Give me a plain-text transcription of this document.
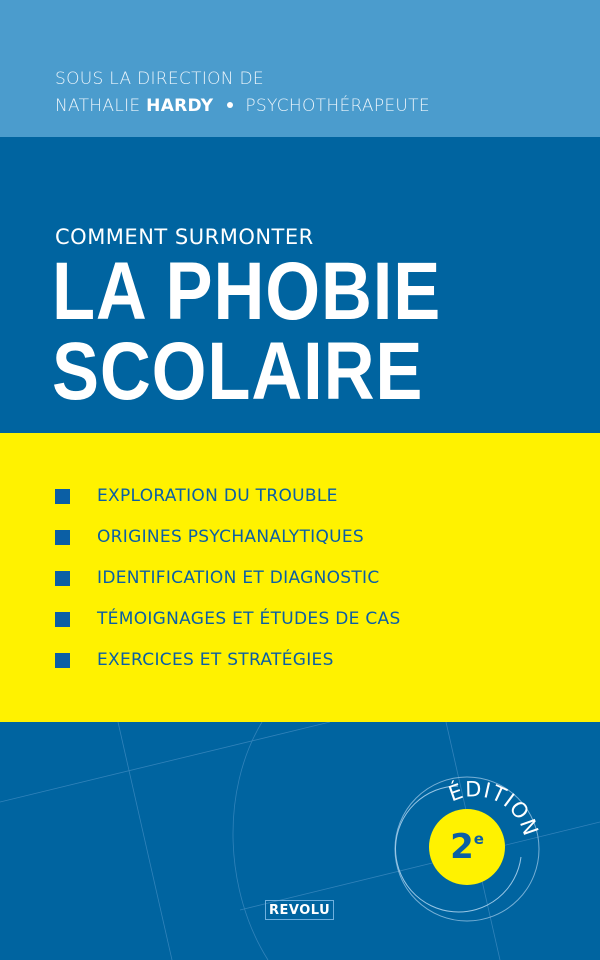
SOUS LA DIRECTION DE
NATHALIE HARDY PSYCHOTHÉRAPEUTE
COMMENT SURMONTER
LA PHOBIE
SCOLAIRE
EXPLORATION DU TROUBLE
ORIGINES PSYCHANALYTIQUES
IDENTIFICATION ET DIAGNOSTIC
TÉMOIGNAGES ET ÉTUDES DE CAS
EXERCICES ET STRATÉGIES
ÉDITION
2 $^e$
REVOLU
